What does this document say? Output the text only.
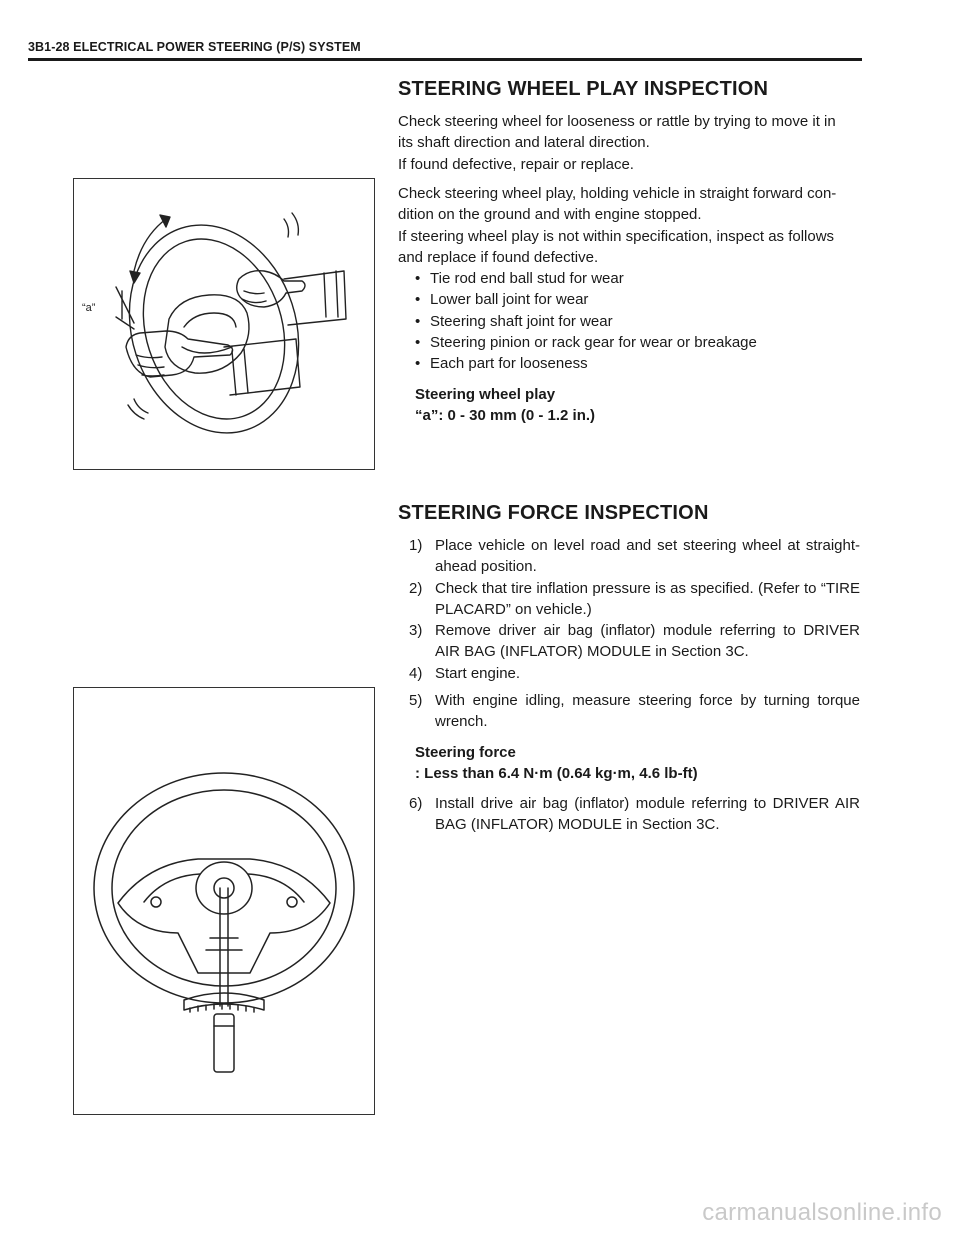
3B1-28 ELECTRICAL POWER STEERING (P/S) SYSTEM
STEERING WHEEL PLAY INSPECTION

Check steering wheel for looseness or rattle by trying to move it in
its shaft direction and lateral direction.

If found defective, repair or replace.

Check steering wheel play, holding vehicle in straight forward con-
dition on the ground and with engine stopped.
If steering wheel play is not within specification, inspect as follows
and replace if found defective.

• Tie rod end ball stud for wear
• Lower ball joint for wear
• Steering shaft joint for wear
• Steering pinion or rack gear for wear or breakage
• Each part for looseness

Steering wheel play

“a”: 0 - 30 mm (0 - 1.2 in.)

“a”
STEERING FORCE INSPECTION
1) Place vehicle on level road and set steering wheel at straight-ahead position.
2) Check that tire inflation pressure is as specified. (Refer to “TIRE PLACARD” on vehicle.)
3) Remove driver air bag (inflator) module referring to DRIVER AIR BAG (INFLATOR) MODULE in Section 3C.
4) Start engine.
5) With engine idling, measure steering force by turning torque wrench.

Steering force

: Less than 6.4 N·m (0.64 kg·m, 4.6 lb-ft)

6) Install drive air bag (inflator) module referring to DRIVER AIR BAG (INFLATOR) MODULE in Section 3C.
carmanualsonline.info
